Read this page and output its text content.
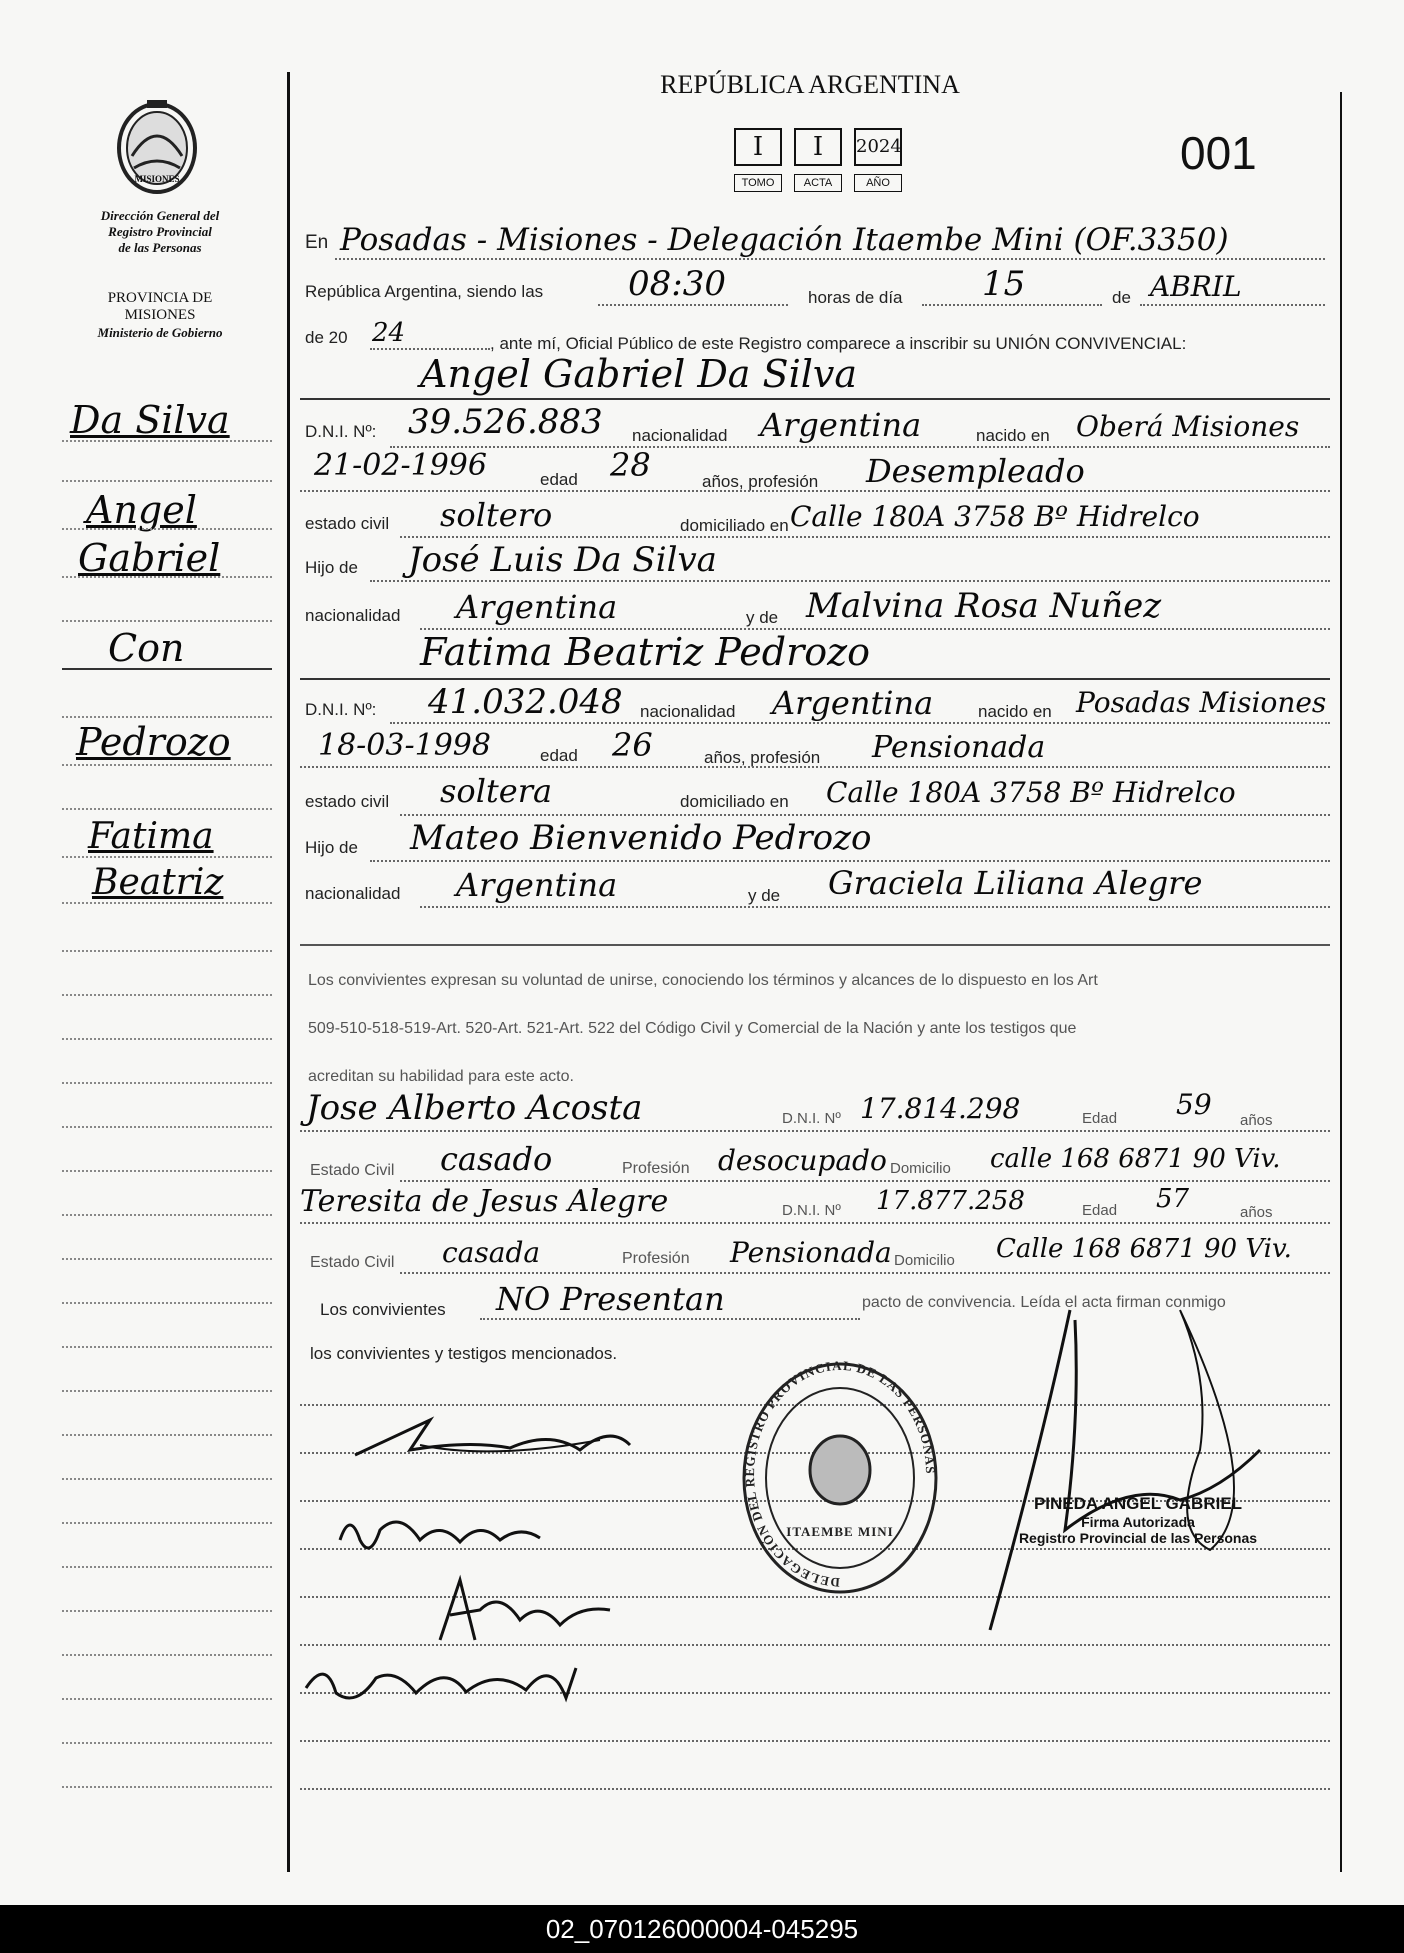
MISIONES
Dirección General del
Registro Provincial
de las Personas
PROVINCIA DE
MISIONES
Ministerio de Gobierno
Da Silva
Angel
Gabriel
Con
Pedrozo
Fatima
Beatriz
REPÚBLICA ARGENTINA
001
I	I	2024
TOMO	ACTA	AÑO
En Posadas - Misiones - Delegación Itaembe Mini (OF.3350)
República Argentina, siendo las 08:30	horas de día 15	de ABRIL
de 20 24	, ante mí, Oficial Público de este Registro comparece a inscribir su UNIÓN CONVIVENCIAL:
Angel Gabriel Da Silva
D.N.I. Nº: 39.526.883 nacionalidad Argentina	nacido en Oberá Misiones
21-02-1996	edad 28	años, profesión Desempleado
estado civil soltero	domiciliado en Calle 180A 3758 Bº Hidrelco
Hijo de José Luis Da Silva
nacionalidad Argentina	y de Malvina Rosa Nuñez
Fatima Beatriz Pedrozo
D.N.I. Nº: 41.032.048 nacionalidad Argentina	nacido en Posadas Misiones
18-03-1998	edad 26	años, profesión Pensionada
estado civil soltera	domiciliado en Calle 180A 3758 Bº Hidrelco
Hijo de Mateo Bienvenido Pedrozo
nacionalidad Argentina	y de Graciela Liliana Alegre
Los convivientes expresan su voluntad de unirse, conociendo los términos y alcances de lo dispuesto en los Art
509-510-518-519-Art. 520-Art. 521-Art. 522 del Código Civil y Comercial de la Nación y ante los testigos que
acreditan su habilidad para este acto.
Jose Alberto Acosta	D.N.I. Nº 17.814.298	Edad 59 años
Estado Civil casado	Profesión desocupado Domicilio calle 168 6871 90 Viv.
Teresita de Jesus Alegre	D.N.I. Nº 17.877.258	Edad 57	años
Estado Civil casada	Profesión Pensionada Domicilio Calle 168 6871 90 Viv.
Los convivientes NO Presentan	pacto de convivencia. Leída el acta firman conmigo
los convivientes y testigos mencionados.
DELEGACIÓN DEL REGISTRO PROVINCIAL DE LAS PERSONAS
ITAEMBE MINI
PINEDA ANGEL GABRIEL
Firma Autorizada
Registro Provincial de las Personas
02_070126000004-045295
